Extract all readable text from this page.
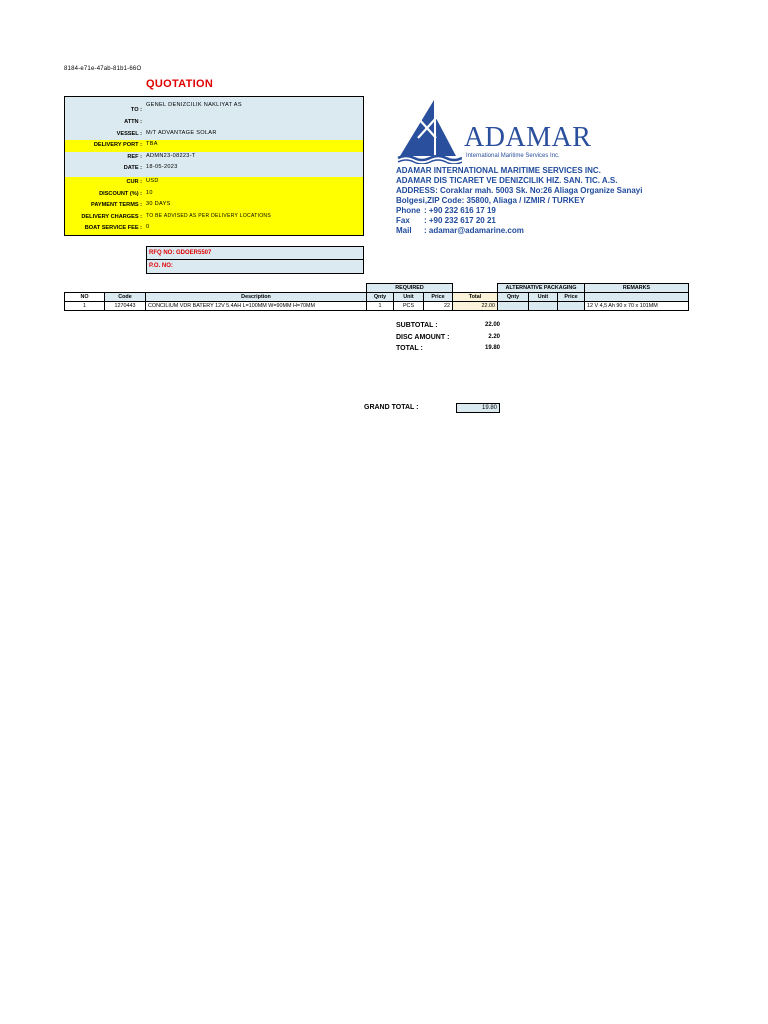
8184-e71e-47ab-81b1-66O
QUOTATION
TO :
GENEL DENIZCILIK NAKLIYAT AS
ATTN :
VESSEL : M/T ADVANTAGE SOLAR
DELIVERY PORT : TBA
REF : ADMN23-08223-T
DATE : 18-05-2023
CUR : USD
DISCOUNT (%) : 10
PAYMENT TERMS : 30 DAYS
DELIVERY CHARGES : TO BE ADVISED AS PER DELIVERY LOCATIONS
BOAT SERVICE FEE : 0
RFQ NO: GDOER5507
P.O. NO:
ADAMAR
International Maritime Services Inc.
ADAMAR INTERNATIONAL MARITIME SERVICES INC.
ADAMAR DIS TICARET VE DENIZCILIK HIZ. SAN. TIC. A.S.
ADDRESS: Coraklar mah. 5003 Sk. No:26 Aliaga Organize Sanayi
Bolgesi,ZIP Code: 35800, Aliaga / IZMIR / TURKEY
Phone : +90 232 616 17 19
Fax : +90 232 617 20 21
Mail : adamar@adamarine.com
			REQUIRED				ALTERNATIVE PACKAGING			REMARKS
NO	Code	Description	Qnty	Unit	Price	Total	Qnty	Unit	Price	
1	1270443	CONCILIUM VDR BATERY 12V 5.4AH L=100MM W=90MM H=70MM	1	PCS	22	22.00				12 V 4,5 Ah 90 x 70 x 101MM
SUBTOTAL :	22.00
DISC AMOUNT :	2.20
TOTAL :	19.80
GRAND TOTAL :	19.80
